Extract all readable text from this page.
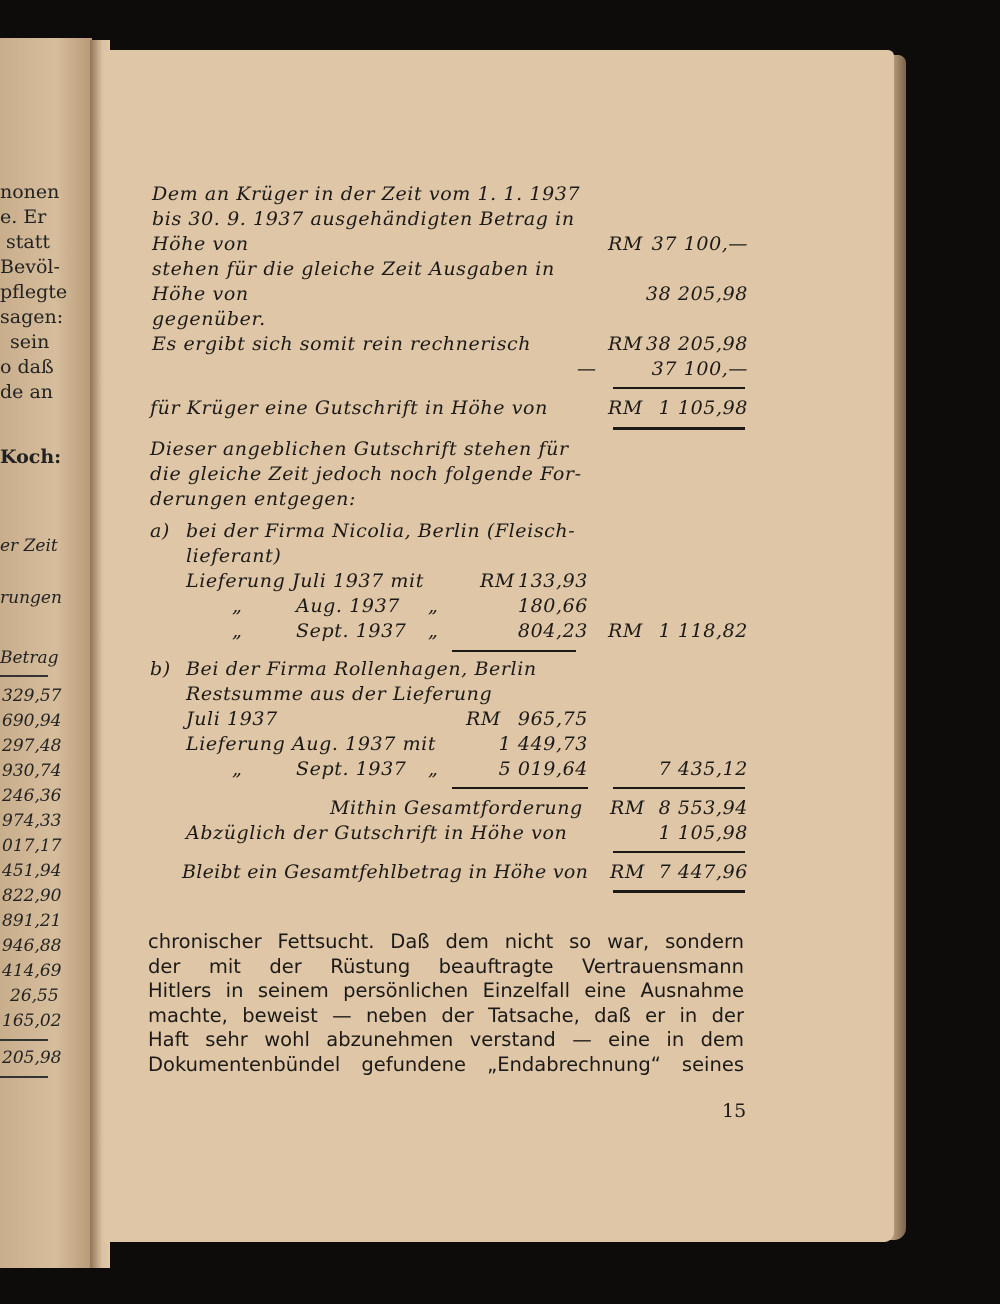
nonen
e. Er
statt
Bevöl-
pflegte
sagen:
sein
o daß
de an
Koch:
er Zeit
rungen
Betrag
329,57
690,94
297,48
930,74
246,36
974,33
017,17
451,94
822,90
891,21
946,88
414,69
26,55
165,02
205,98
Dem an Krüger in der Zeit vom 1. 1. 1937
bis 30. 9. 1937 ausgehändigten Betrag in
Höhe von	RM 37 100,—
stehen für die gleiche Zeit Ausgaben in
Höhe von	38 205,98
gegenüber.
Es ergibt sich somit rein rechnerisch	RM 38 205,98
—	37 100,—
für Krüger eine Gutschrift in Höhe von	RM 1 105,98
Dieser angeblichen Gutschrift stehen für
die gleiche Zeit jedoch noch folgende For-
derungen entgegen:
a) bei der Firma Nicolia, Berlin (Fleisch-
lieferant)
Lieferung Juli 1937 mit	RM 133,93
„	Aug. 1937 „	180,66
„	Sept. 1937 „	804,23 RM 1 118,82
b) Bei der Firma Rollenhagen, Berlin
Restsumme aus der Lieferung
Juli 1937	RM 965,75
Lieferung Aug. 1937 mit	1 449,73
„	Sept. 1937 „	5 019,64	7 435,12
Mithin Gesamtforderung RM 8 553,94
Abzüglich der Gutschrift in Höhe von	1 105,98
Bleibt ein Gesamtfehlbetrag in Höhe von RM 7 447,96
chronischer Fettsucht. Daß dem nicht so war, sondern
der mit der Rüstung beauftragte Vertrauensmann
Hitlers in seinem persönlichen Einzelfall eine Ausnahme
machte, beweist — neben der Tatsache, daß er in der
Haft sehr wohl abzunehmen verstand — eine in dem
Dokumentenbündel gefundene „Endabrechnung“ seines
15
